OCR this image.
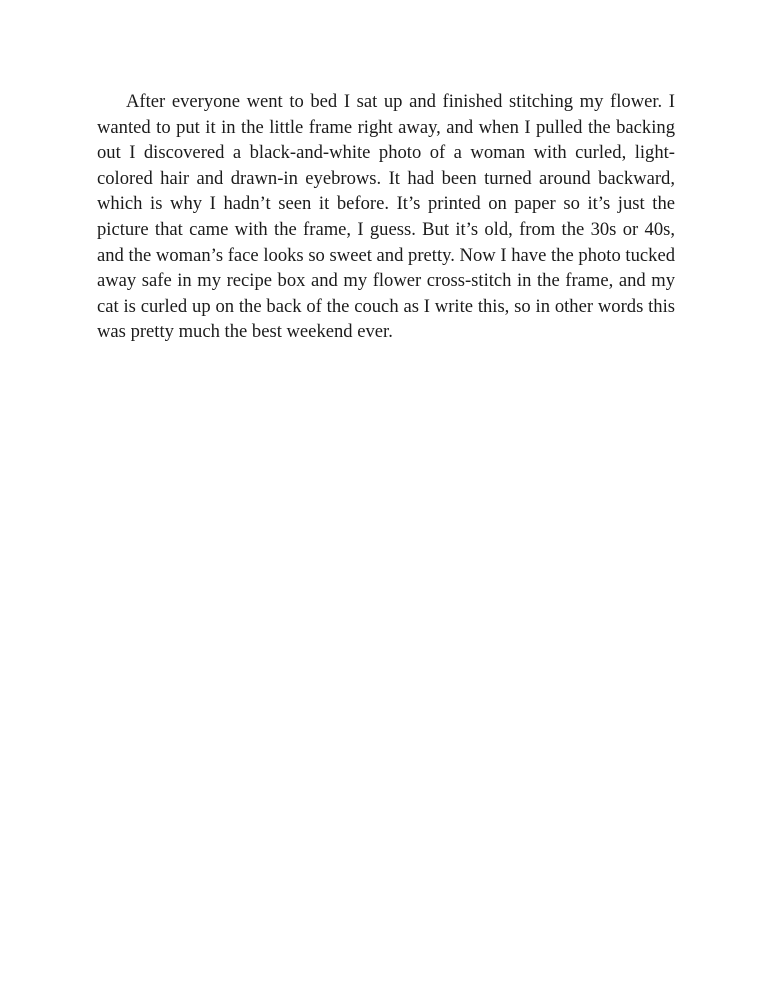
After everyone went to bed I sat up and finished stitching my flower. I wanted to put it in the little frame right away, and when I pulled the backing out I discovered a black-and-white photo of a woman with curled, light-colored hair and drawn-in eyebrows. It had been turned around backward, which is why I hadn’t seen it before. It’s printed on paper so it’s just the picture that came with the frame, I guess. But it’s old, from the 30s or 40s, and the woman’s face looks so sweet and pretty. Now I have the photo tucked away safe in my recipe box and my flower cross-stitch in the frame, and my cat is curled up on the back of the couch as I write this, so in other words this was pretty much the best weekend ever.
